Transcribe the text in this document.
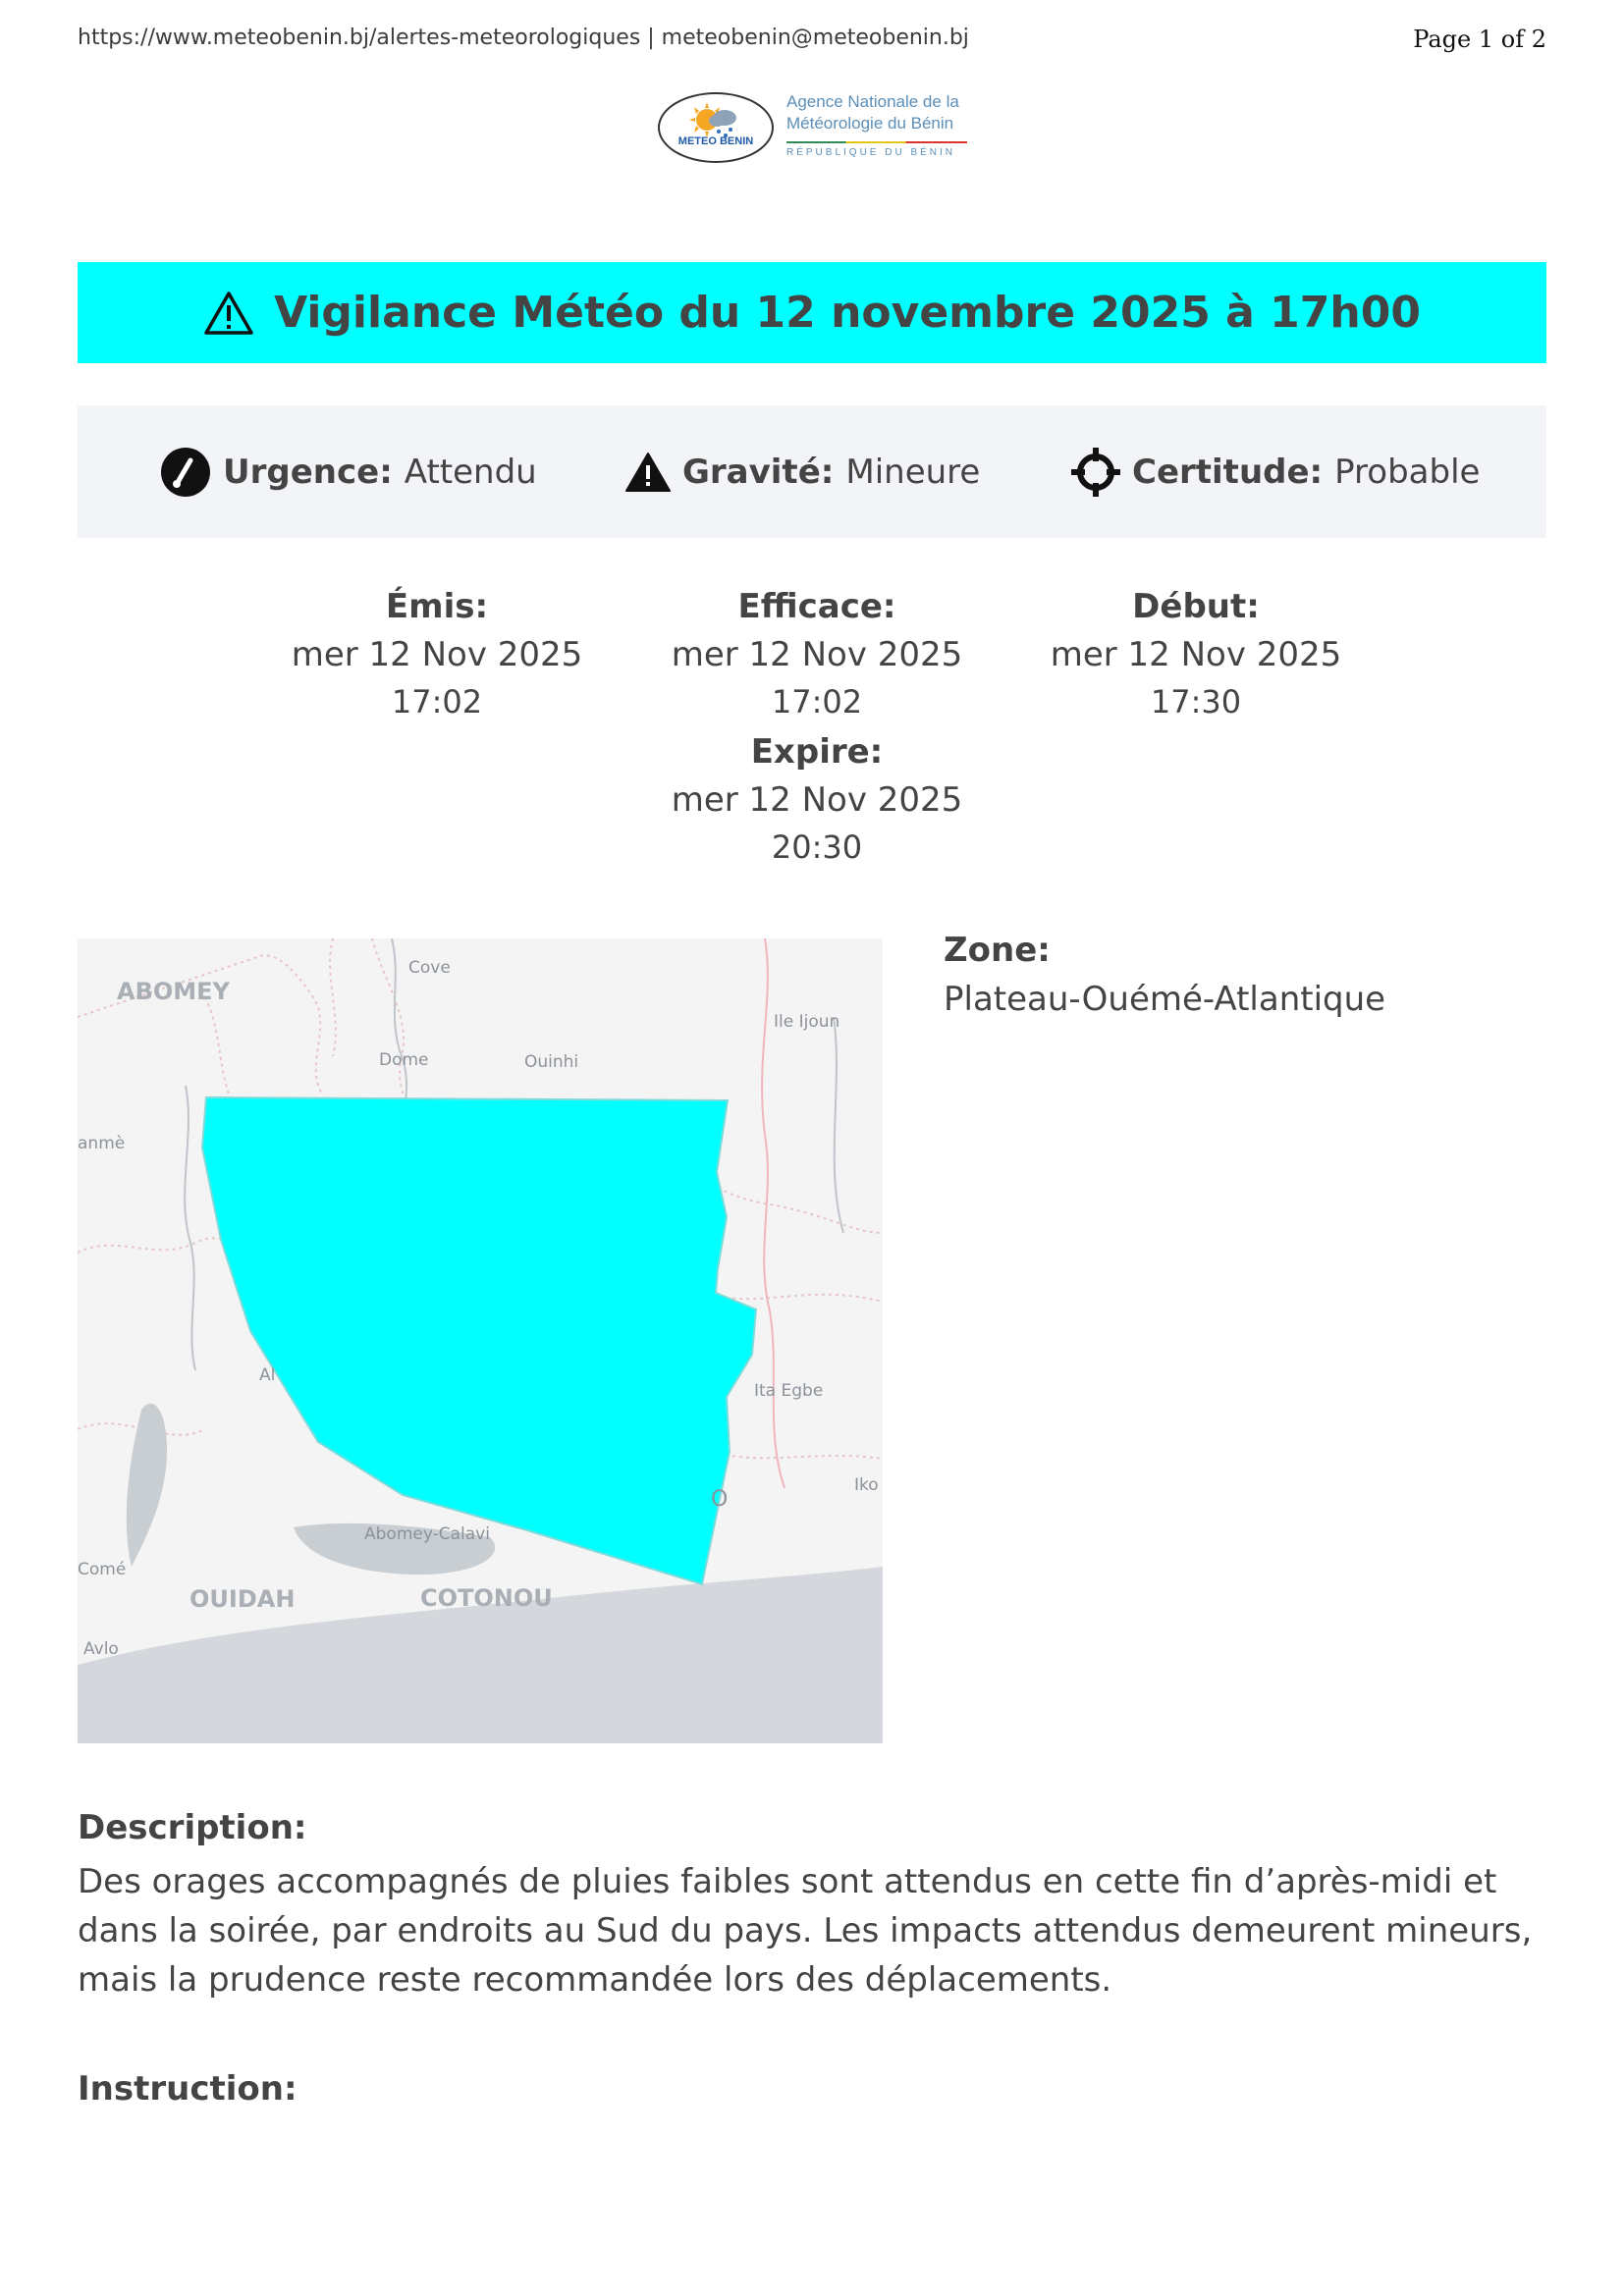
https://www.meteobenin.bj/alertes-meteorologiques | meteobenin@meteobenin.bj	Page 1 of 2
METEO BENIN
Agence Nationale de la
Météorologie du Bénin
RÉPUBLIQUE DU BÉNIN
Vigilance Météo du 12 novembre 2025 à 17h00
Urgence: Attendu	Gravité: Mineure	Certitude: Probable
Émis:
mer 12 Nov 2025
17:02
Efficace:
mer 12 Nov 2025
17:02
Début:
mer 12 Nov 2025
17:30
Expire:
mer 12 Nov 2025
20:30
ABOMEY
Cove
Dome	Ouinhi
Ile Ijoun
anmè
Al
Ita Egbe
Iko
O
Abomey-Calavi
Comé
OUIDAH	COTONOU
Avlo
Zone:
Plateau-Ouémé-Atlantique
Description:
Des orages accompagnés de pluies faibles sont attendus en cette fin d’après-midi et dans la soirée, par endroits au Sud du pays. Les impacts attendus demeurent mineurs, mais la prudence reste recommandée lors des déplacements.
Instruction:
